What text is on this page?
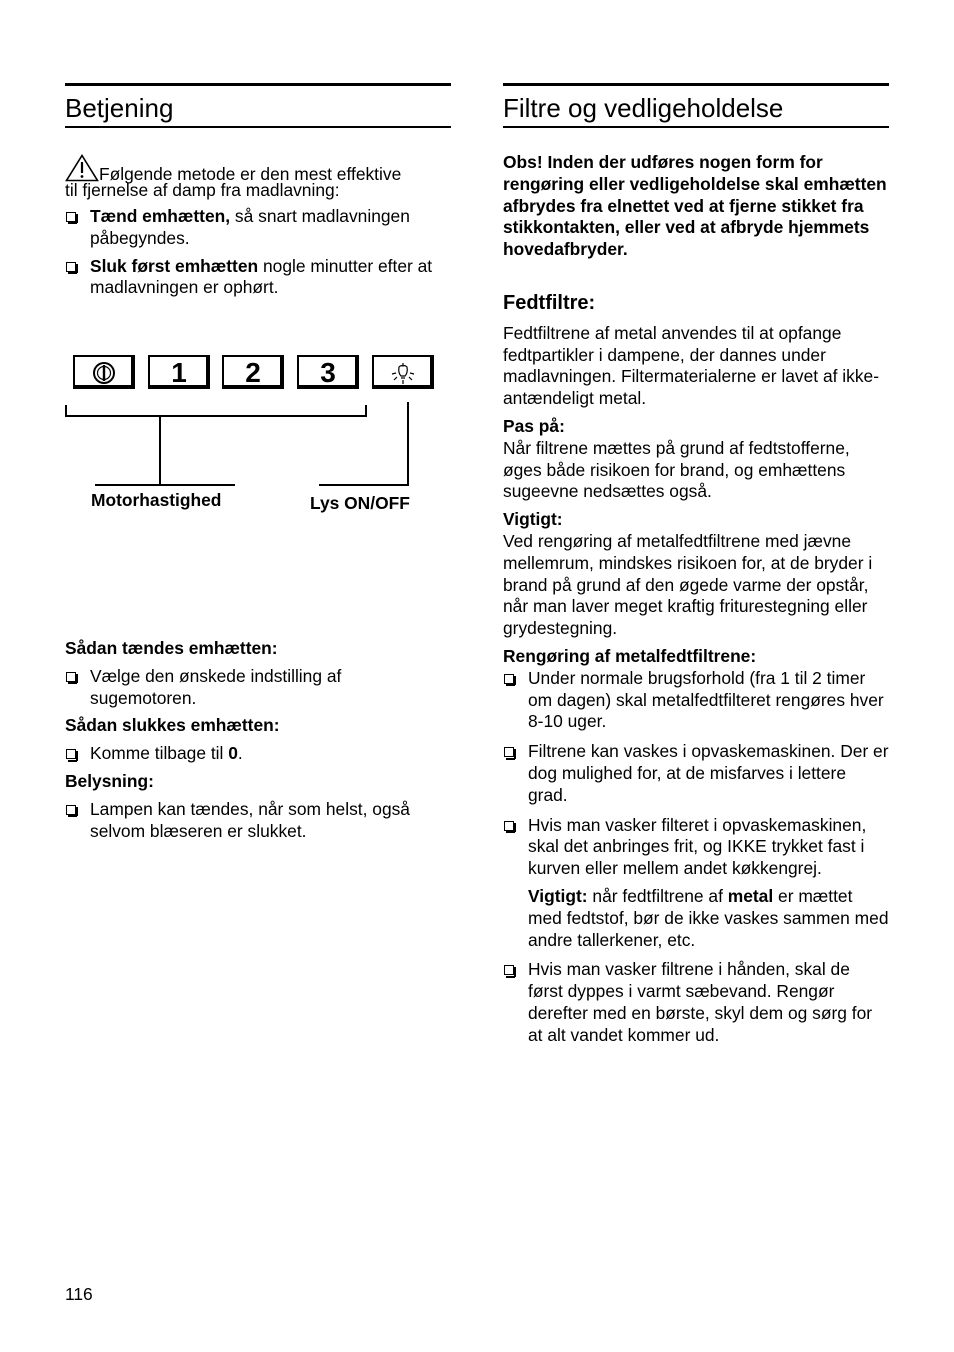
Betjening

Følgende metode er den mest effektive
til fjernelse af damp fra madlavning:

Tænd emhætten, så snart madlavningen påbegyndes.
Sluk først emhætten nogle minutter efter at madlavningen er ophørt.

Sådan tændes emhætten:

Vælge den ønskede indstilling af sugemotoren.

Sådan slukkes emhætten:

Komme tilbage til 0.

Belysning:

Lampen kan tændes, når som helst, også selvom blæseren er slukket.
1	2	3
Motorhastighed	Lys ON/OFF
Filtre og vedligeholdelse

Obs! Inden der udføres nogen form for rengøring eller vedligeholdelse skal emhætten afbrydes fra elnettet ved at fjerne stikket fra stikkontakten, eller ved at afbryde hjemmets hovedafbryder.

Fedtfiltre:

Fedtfiltrene af metal anvendes til at opfange fedtpartikler i dampene, der dannes under madlavningen. Filtermaterialerne er lavet af ikke-antændeligt metal.

Pas på:

Når filtrene mættes på grund af fedtstofferne, øges både risikoen for brand, og emhættens sugeevne nedsættes også.

Vigtigt:

Ved rengøring af metalfedtfiltrene med jævne mellemrum, mindskes risikoen for, at de bryder i brand på grund af den øgede varme der opstår, når man laver meget kraftig friturestegning eller grydestegning.

Rengøring af metalfedtfiltrene:

Under normale brugsforhold (fra 1 til 2 timer om dagen) skal metalfedtfilteret rengøres hver 8-10 uger.
Filtrene kan vaskes i opvaskemaskinen. Der er dog mulighed for, at de misfarves i lettere grad.
Hvis man vasker filteret i opvaskemaskinen, skal det anbringes frit, og IKKE trykket fast i kurven eller mellem andet køkkengrej.
Vigtigt: når fedtfiltrene af metal er mættet med fedtstof, bør de ikke vaskes sammen med andre tallerkener, etc.
Hvis man vasker filtrene i hånden, skal de først dyppes i varmt sæbevand. Rengør derefter med en børste, skyl dem og sørg for at alt vandet kommer ud.
116
